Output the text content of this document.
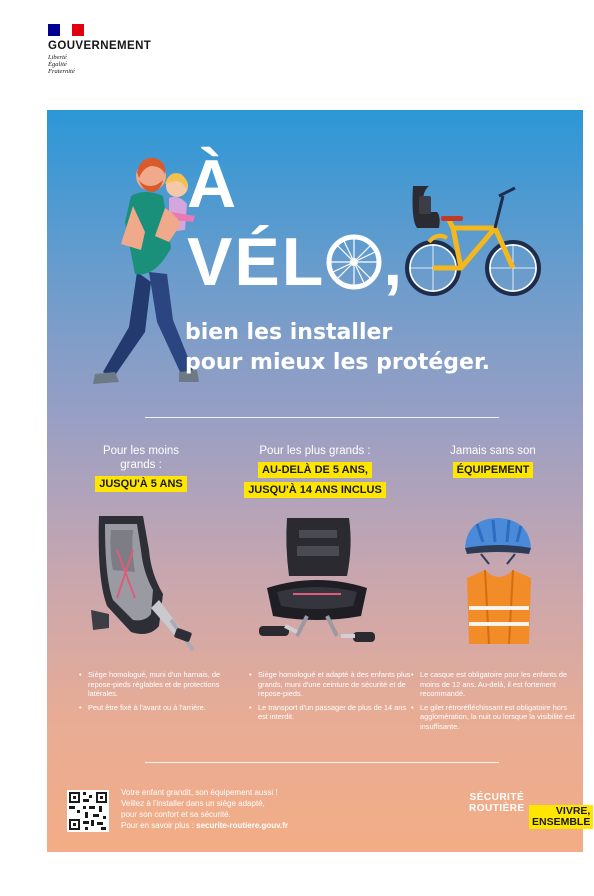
GOUVERNEMENT
Liberté
Égalité
Fraternité
À
VÉL ,
bien les installer
pour mieux les protéger.
Pour les moins
grands :
JUSQU'À 5 ANS
Pour les plus grands :
AU-DELÀ DE 5 ANS,
JUSQU'À 14 ANS INCLUS
Jamais sans son
ÉQUIPEMENT
• Siège homologué, muni d'un harnais, de repose-pieds réglables et de protections latérales.
• Peut être fixé à l'avant ou à l'arrière.
• Siège homologué et adapté à des enfants plus grands, muni d'une ceinture de sécurité et de repose-pieds.
• Le transport d'un passager de plus de 14 ans est interdit.
• Le casque est obligatoire pour les enfants de moins de 12 ans. Au-delà, il est fortement recommandé.
• Le gilet rétroréfléchissant est obligatoire hors agglomération, la nuit ou lorsque la visibilité est insuffisante.
Votre enfant grandit, son équipement aussi !
Veillez à l'installer dans un siège adapté,
pour son confort et sa sécurité.
Pour en savoir plus : securite-routiere.gouv.fr
SÉCURITÉ
ROUTIÈRE	VIVRE,
ENSEMBLE
